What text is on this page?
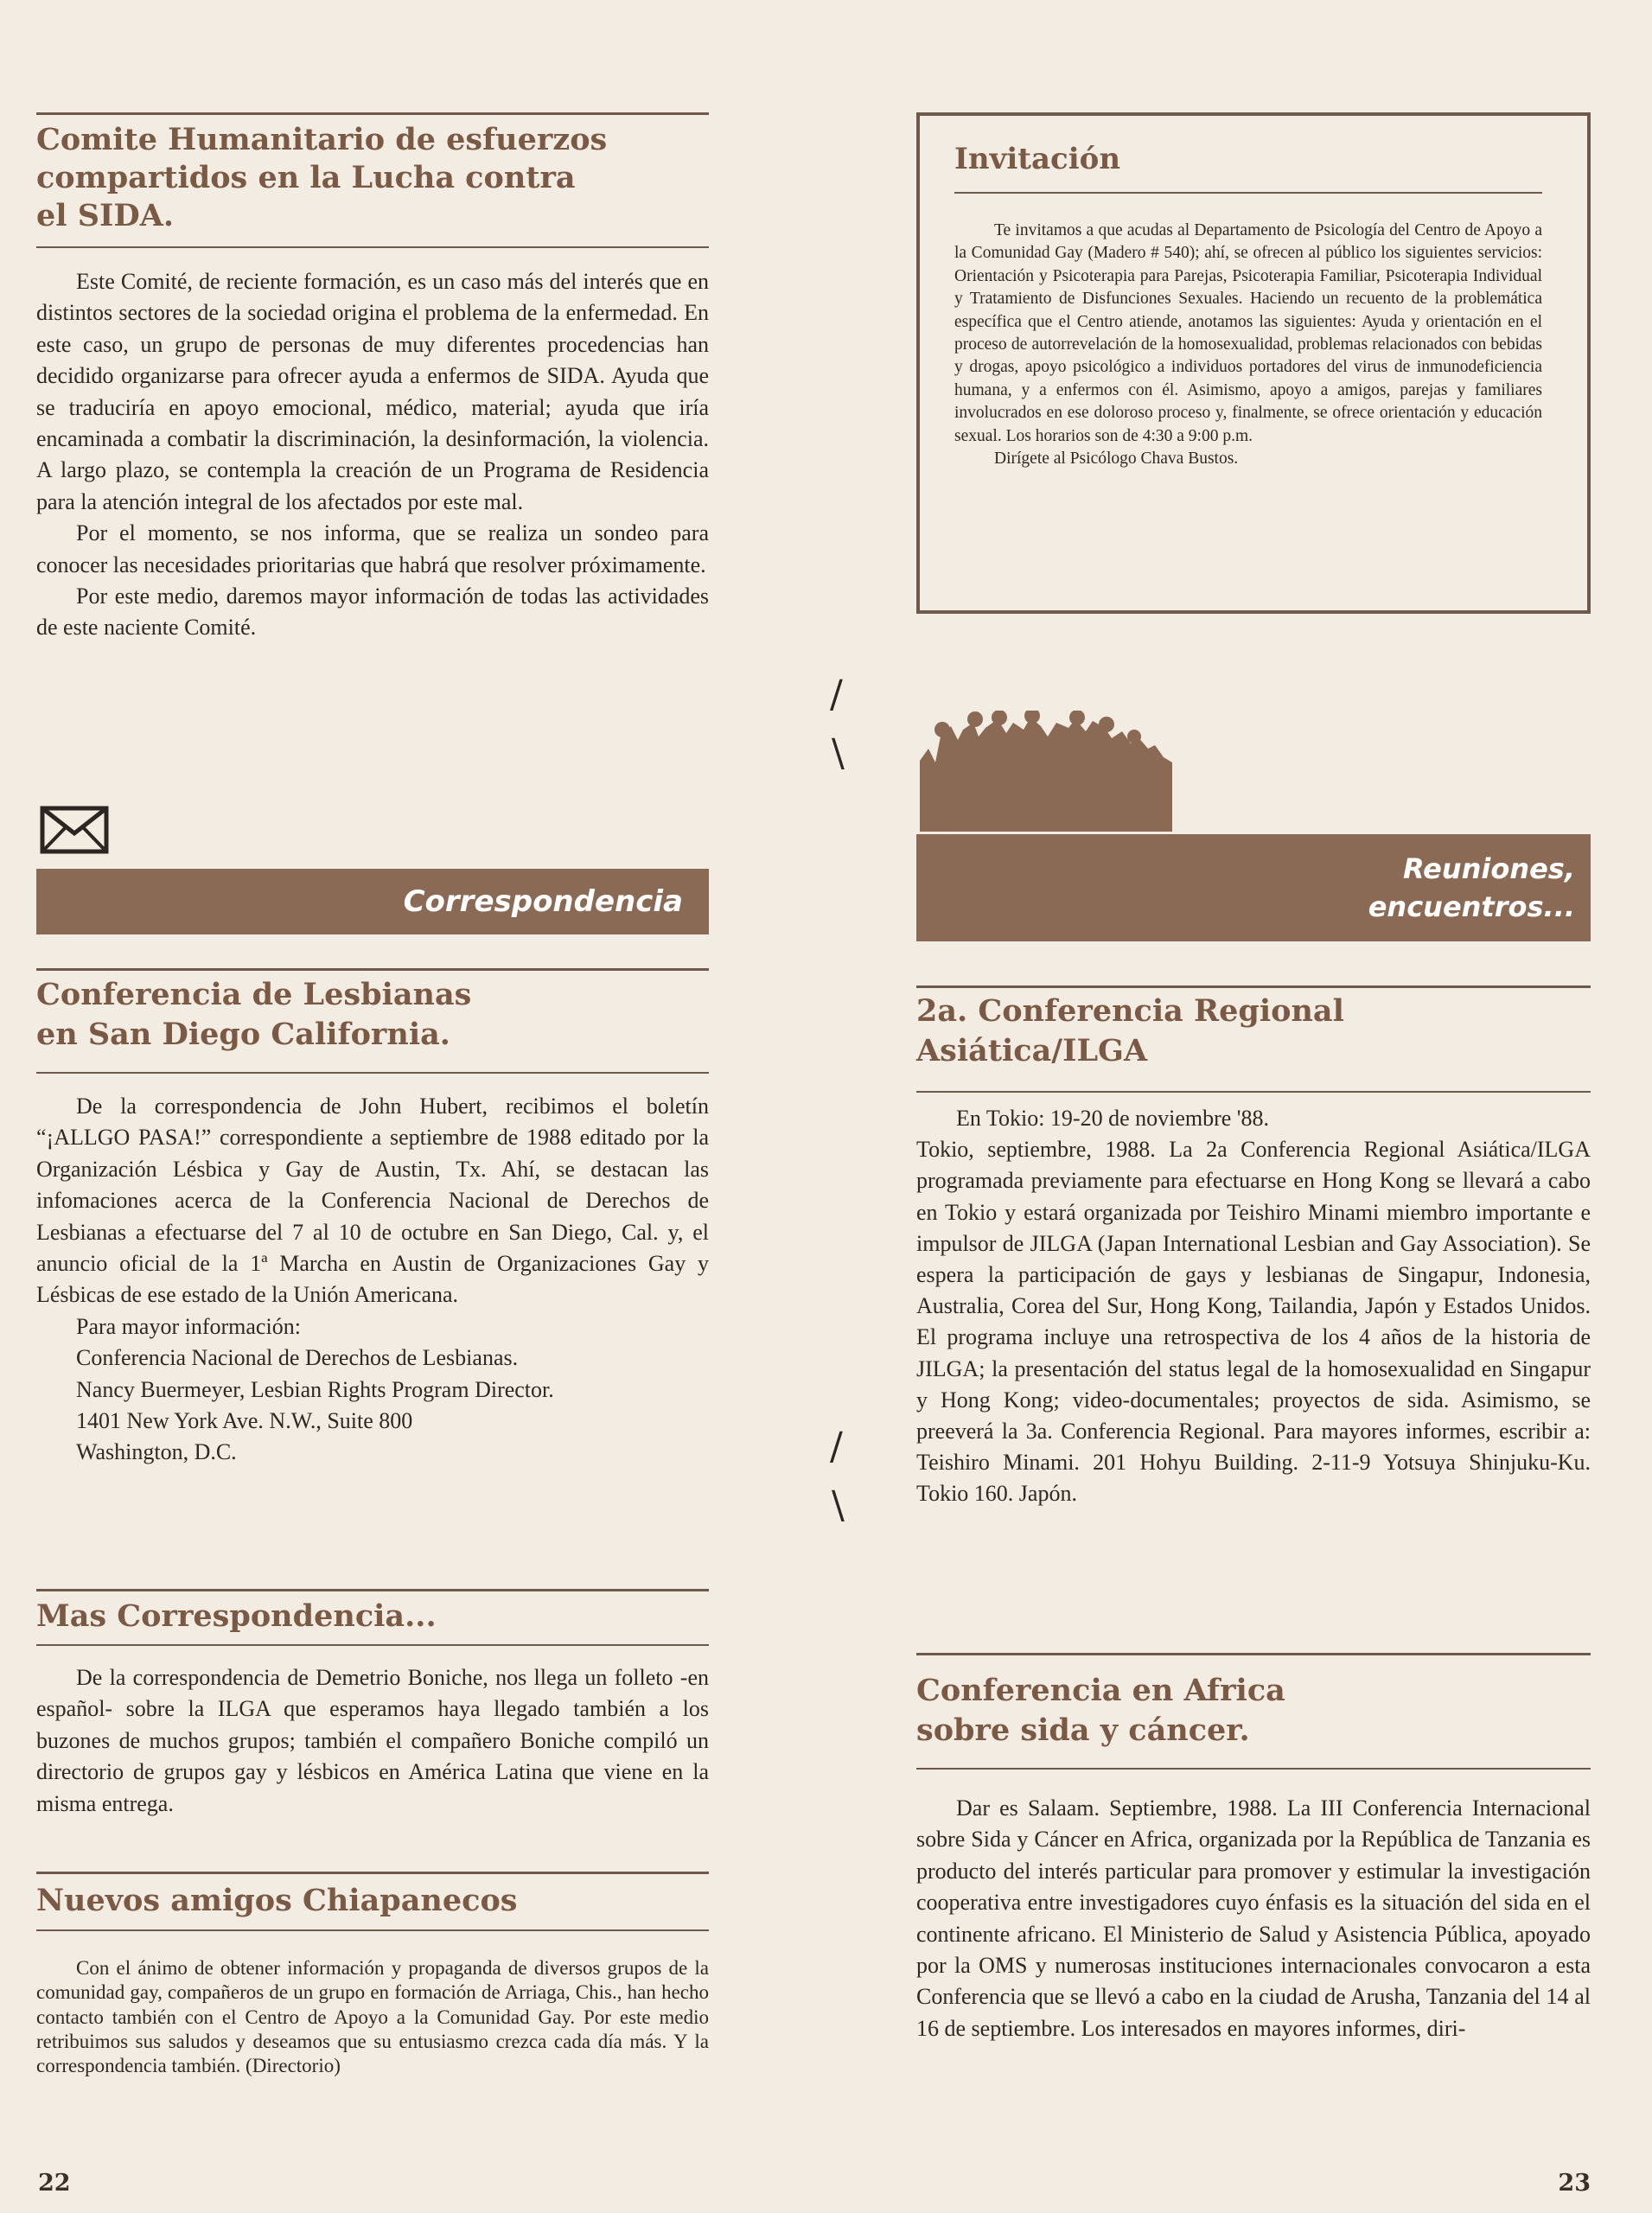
Comite Humanitario de esfuerzos
compartidos en la Lucha contra
el SIDA.

Este Comité, de reciente formación, es un caso más del interés que en distintos sectores de la sociedad origina el problema de la enfermedad. En este caso, un grupo de personas de muy diferentes procedencias han decidido organizarse para ofrecer ayuda a enfermos de SIDA. Ayuda que se traduciría en apoyo emocional, médico, material; ayuda que iría encaminada a combatir la discriminación, la desinformación, la violencia. A largo plazo, se contempla la creación de un Programa de Residencia para la atención integral de los afectados por este mal.

Por el momento, se nos informa, que se realiza un sondeo para conocer las necesidades prioritarias que habrá que resolver próximamente.

Por este medio, daremos mayor información de todas las actividades de este naciente Comité.

Correspondencia
Conferencia de Lesbianas
en San Diego California.

De la correspondencia de John Hubert, recibimos el boletín “¡ALLGO PASA!” correspondiente a septiembre de 1988 editado por la Organización Lésbica y Gay de Austin, Tx. Ahí, se destacan las infomaciones acerca de la Conferencia Nacional de Derechos de Lesbianas a efectuarse del 7 al 10 de octubre en San Diego, Cal. y, el anuncio oficial de la 1ª Marcha en Austin de Organizaciones Gay y Lésbicas de ese estado de la Unión Americana.

Para mayor información:

Conferencia Nacional de Derechos de Lesbianas.

Nancy Buermeyer, Lesbian Rights Program Director.

1401 New York Ave. N.W., Suite 800

Washington, D.C.

Mas Correspondencia...

De la correspondencia de Demetrio Boniche, nos llega un folleto -en español- sobre la ILGA que esperamos haya llegado también a los buzones de muchos grupos; también el compañero Boniche compiló un directorio de grupos gay y lésbicos en América Latina que viene en la misma entrega.

Nuevos amigos Chiapanecos

Con el ánimo de obtener información y propaganda de diversos grupos de la comunidad gay, compañeros de un grupo en formación de Arriaga, Chis., han hecho contacto también con el Centro de Apoyo a la Comunidad Gay. Por este medio retribuimos sus saludos y deseamos que su entusiasmo crezca cada día más. Y la correspondencia también. (Directorio)

22
/
\
/
\
Invitación

Te invitamos a que acudas al Departamento de Psicología del Centro de Apoyo a la Comunidad Gay (Madero # 540); ahí, se ofrecen al público los siguientes servicios: Orientación y Psicoterapia para Parejas, Psicoterapia Familiar, Psicoterapia Individual y Tratamiento de Disfunciones Sexuales. Haciendo un recuento de la problemática específica que el Centro atiende, anotamos las siguientes: Ayuda y orientación en el proceso de autorrevelación de la homosexualidad, problemas relacionados con bebidas y drogas, apoyo psicológico a individuos portadores del virus de inmunodeficiencia humana, y a enfermos con él. Asimismo, apoyo a amigos, parejas y familiares involucrados en ese doloroso proceso y, finalmente, se ofrece orientación y educación sexual. Los horarios son de 4:30 a 9:00 p.m.

Dirígete al Psicólogo Chava Bustos.

Reuniones,
encuentros...
2a. Conferencia Regional
Asiática/ILGA

En Tokio: 19-20 de noviembre '88.

Tokio, septiembre, 1988. La 2a Conferencia Regional Asiática/ILGA programada previamente para efectuarse en Hong Kong se llevará a cabo en Tokio y estará organizada por Teishiro Minami miembro importante e impulsor de JILGA (Japan International Lesbian and Gay Association). Se espera la participación de gays y lesbianas de Singapur, Indonesia, Australia, Corea del Sur, Hong Kong, Tailandia, Japón y Estados Unidos. El programa incluye una retrospectiva de los 4 años de la historia de JILGA; la presentación del status legal de la homosexualidad en Singapur y Hong Kong; video-documentales; proyectos de sida. Asimismo, se preeverá la 3a. Conferencia Regional. Para mayores informes, escribir a: Teishiro Minami. 201 Hohyu Building. 2-11-9 Yotsuya Shinjuku-Ku. Tokio 160. Japón.

Conferencia en Africa
sobre sida y cáncer.

Dar es Salaam. Septiembre, 1988. La III Conferencia Internacional sobre Sida y Cáncer en Africa, organizada por la República de Tanzania es producto del interés particular para promover y estimular la investigación cooperativa entre investigadores cuyo énfasis es la situación del sida en el continente africano. El Ministerio de Salud y Asistencia Pública, apoyado por la OMS y numerosas instituciones internacionales convocaron a esta Conferencia que se llevó a cabo en la ciudad de Arusha, Tanzania del 14 al 16 de septiembre. Los interesados en mayores informes, diri-

23
